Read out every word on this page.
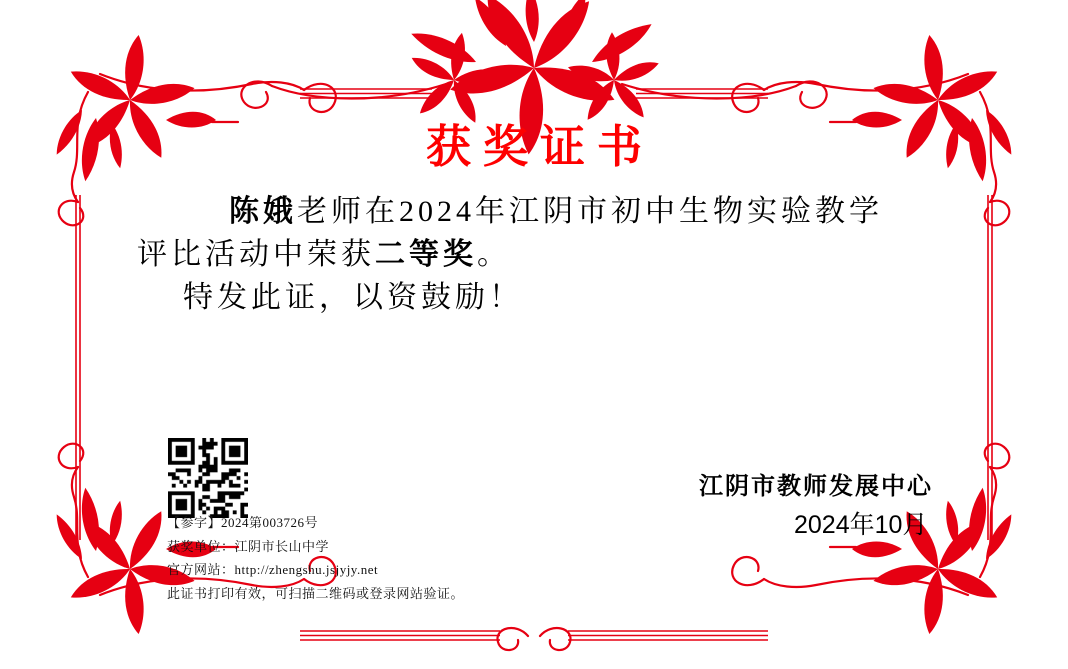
获奖证书
陈娥老师在2024年江阴市初中生物实验教学
评比活动中荣获二等奖。
特发此证，以资鼓励！
【参字】2024第003726号
获奖单位：江阴市长山中学
官方网站：http://zhengshu.jsjyjy.net
此证书打印有效，可扫描二维码或登录网站验证。
江阴市教师发展中心
2024年10月
